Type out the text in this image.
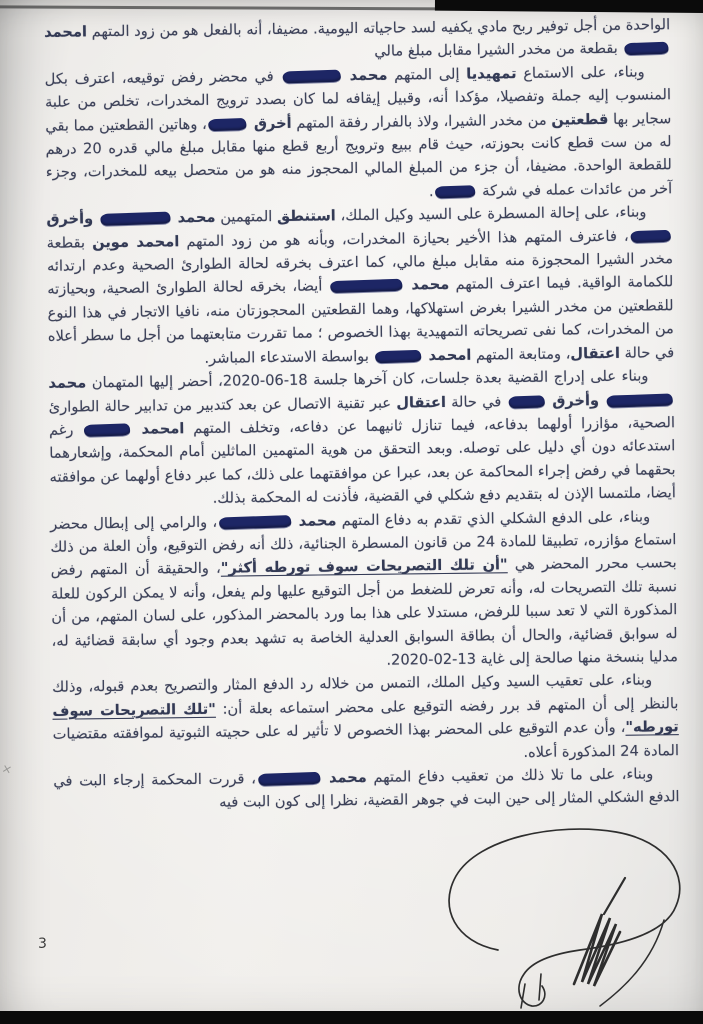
الواحدة من أجل توفير ربح مادي يكفيه لسد حاجياته اليومية. مضيفا، أنه بالفعل هو من زود المتهم امحمد  بقطعة من مخدر الشيرا مقابل مبلغ مالي

وبناء، على الاستماع تمهيديا إلى المتهم محمد  في محضر رفض توقيعه، اعترف بكل المنسوب إليه جملة وتفصيلا، مؤكدا أنه، وقبيل إيقافه لما كان بصدد ترويج المخدرات، تخلص من علبة سجاير بها قطعتين من مخدر الشيرا، ولاذ بالفرار رفقة المتهم أخرق ، وهاتين القطعتين مما بقي له من ست قطع كانت بحوزته، حيث قام ببيع وترويج أربع قطع منها مقابل مبلغ مالي قدره 20 درهم للقطعة الواحدة. مضيفا، أن جزء من المبلغ المالي المحجوز منه هو من متحصل بيعه للمخدرات، وجزء آخر من عائدات عمله في شركة .

وبناء، على إحالة المسطرة على السيد وكيل الملك، استنطق المتهمين محمد  وأخرق ، فاعترف المتهم هذا الأخير بحيازة المخدرات، وبأنه هو من زود المتهم امحمد موين بقطعة مخدر الشيرا المحجوزة منه مقابل مبلغ مالي، كما اعترف بخرقه لحالة الطوارئ الصحية وعدم ارتدائه للكمامة الواقية. فيما اعترف المتهم محمد  أيضا، بخرقه لحالة الطوارئ الصحية، وبحيازته للقطعتين من مخدر الشيرا بغرض استهلاكها، وهما القطعتين المحجوزتان منه، نافيا الاتجار في هذا النوع من المخدرات، كما نفى تصريحاته التمهيدية بهذا الخصوص ؛ مما تقررت متابعتهما من أجل ما سطر أعلاه في حالة اعتقال، ومتابعة المتهم امحمد  بواسطة الاستدعاء المباشر.

وبناء على إدراج القضية بعدة جلسات، كان آخرها جلسة 18-06-2020، أحضر إليها المتهمان محمد  وأخرق  في حالة اعتقال عبر تقنية الاتصال عن بعد كتدبير من تدابير حالة الطوارئ الصحية، مؤازرا أولهما بدفاعه، فيما تنازل ثانيهما عن دفاعه، وتخلف المتهم امحمد  رغم استدعائه دون أي دليل على توصله. وبعد التحقق من هوية المتهمين الماثلين أمام المحكمة، وإشعارهما بحقهما في رفض إجراء المحاكمة عن بعد، عبرا عن موافقتهما على ذلك، كما عبر دفاع أولهما عن موافقته أيضا، ملتمسا الإذن له بتقديم دفع شكلي في القضية، فأذنت له المحكمة بذلك.

وبناء، على الدفع الشكلي الذي تقدم به دفاع المتهم محمد ، والرامي إلى إبطال محضر استماع مؤازره، تطبيقا للمادة 24 من قانون المسطرة الجنائية، ذلك أنه رفض التوقيع، وأن العلة من ذلك بحسب محرر المحضر هي "أن تلك التصريحات سوف تورطه أكثر"، والحقيقة أن المتهم رفض نسبة تلك التصريحات له، وأنه تعرض للضغط من أجل التوقيع عليها ولم يفعل، وأنه لا يمكن الركون للعلة المذكورة التي لا تعد سببا للرفض، مستدلا على هذا بما ورد بالمحضر المذكور، على لسان المتهم، من أن له سوابق قضائية، والحال أن بطاقة السوابق العدلية الخاصة به تشهد بعدم وجود أي سابقة قضائية له، مدليا بنسخة منها صالحة إلى غاية 13-02-2020.

وبناء، على تعقيب السيد وكيل الملك، التمس من خلاله رد الدفع المثار والتصريح بعدم قبوله، وذلك بالنظر إلى أن المتهم قد برر رفضه التوقيع على محضر استماعه بعلة أن: "تلك التصريحات سوف تورطه"، وأن عدم التوقيع على المحضر بهذا الخصوص لا تأثير له على حجيته الثبوتية لموافقته مقتضيات المادة 24 المذكورة أعلاه.

وبناء، على ما تلا ذلك من تعقيب دفاع المتهم محمد ، قررت المحكمة إرجاء البت في الدفع الشكلي المثار إلى حين البت في جوهر القضية، نظرا إلى كون البت فيه

×
3
